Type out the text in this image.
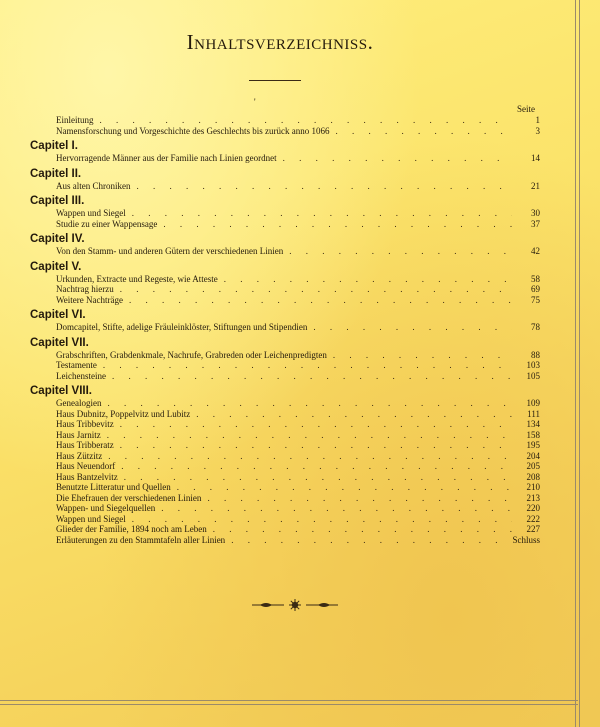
Inhaltsverzeichniss.
'
Seite
Einleitung . . .	1
Namensforschung und Vorgeschichte des Geschlechts bis zurück anno 1066 . . .	3
Capitel I.
Hervorragende Männer aus der Familie nach Linien geordnet . . .	14
Capitel II.
Aus alten Chroniken . . .	21
Capitel III.
Wappen und Siegel . . .	30
Studie zu einer Wappensage . . .	37
Capitel IV.
Von den Stamm- und anderen Gütern der verschiedenen Linien . . .	42
Capitel V.
Urkunden, Extracte und Regeste, wie Atteste . . .	58
Nachtrag hierzu . . .	69
Weitere Nachträge . . .	75
Capitel VI.
Domcapitel, Stifte, adelige Fräuleinklöster, Stiftungen und Stipendien . . .	78
Capitel VII.
Grabschriften, Grabdenkmale, Nachrufe, Grabreden oder Leichenpredigten . . .	88
Testamente . . .	103
Leichensteine . . .	105
Capitel VIII.
Genealogien . . .	109
Haus Dubnitz, Poppelvitz und Lubitz . . .	111
Haus Tribbevitz . . .	134
Haus Jarnitz . . .	158
Haus Tribberatz . . .	195
Haus Zützitz . . .	204
Haus Neuendorf . . .	205
Haus Bantzelvitz . . .	208
Benutzte Litteratur und Quellen . . .	210
Die Ehefrauen der verschiedenen Linien . . .	213
Wappen- und Siegelquellen . . .	220
Wappen und Siegel . . .	222
Glieder der Familie, 1894 noch am Leben . . .	227
Erläuterungen zu den Stammtafeln aller Linien . . .	Schluss
